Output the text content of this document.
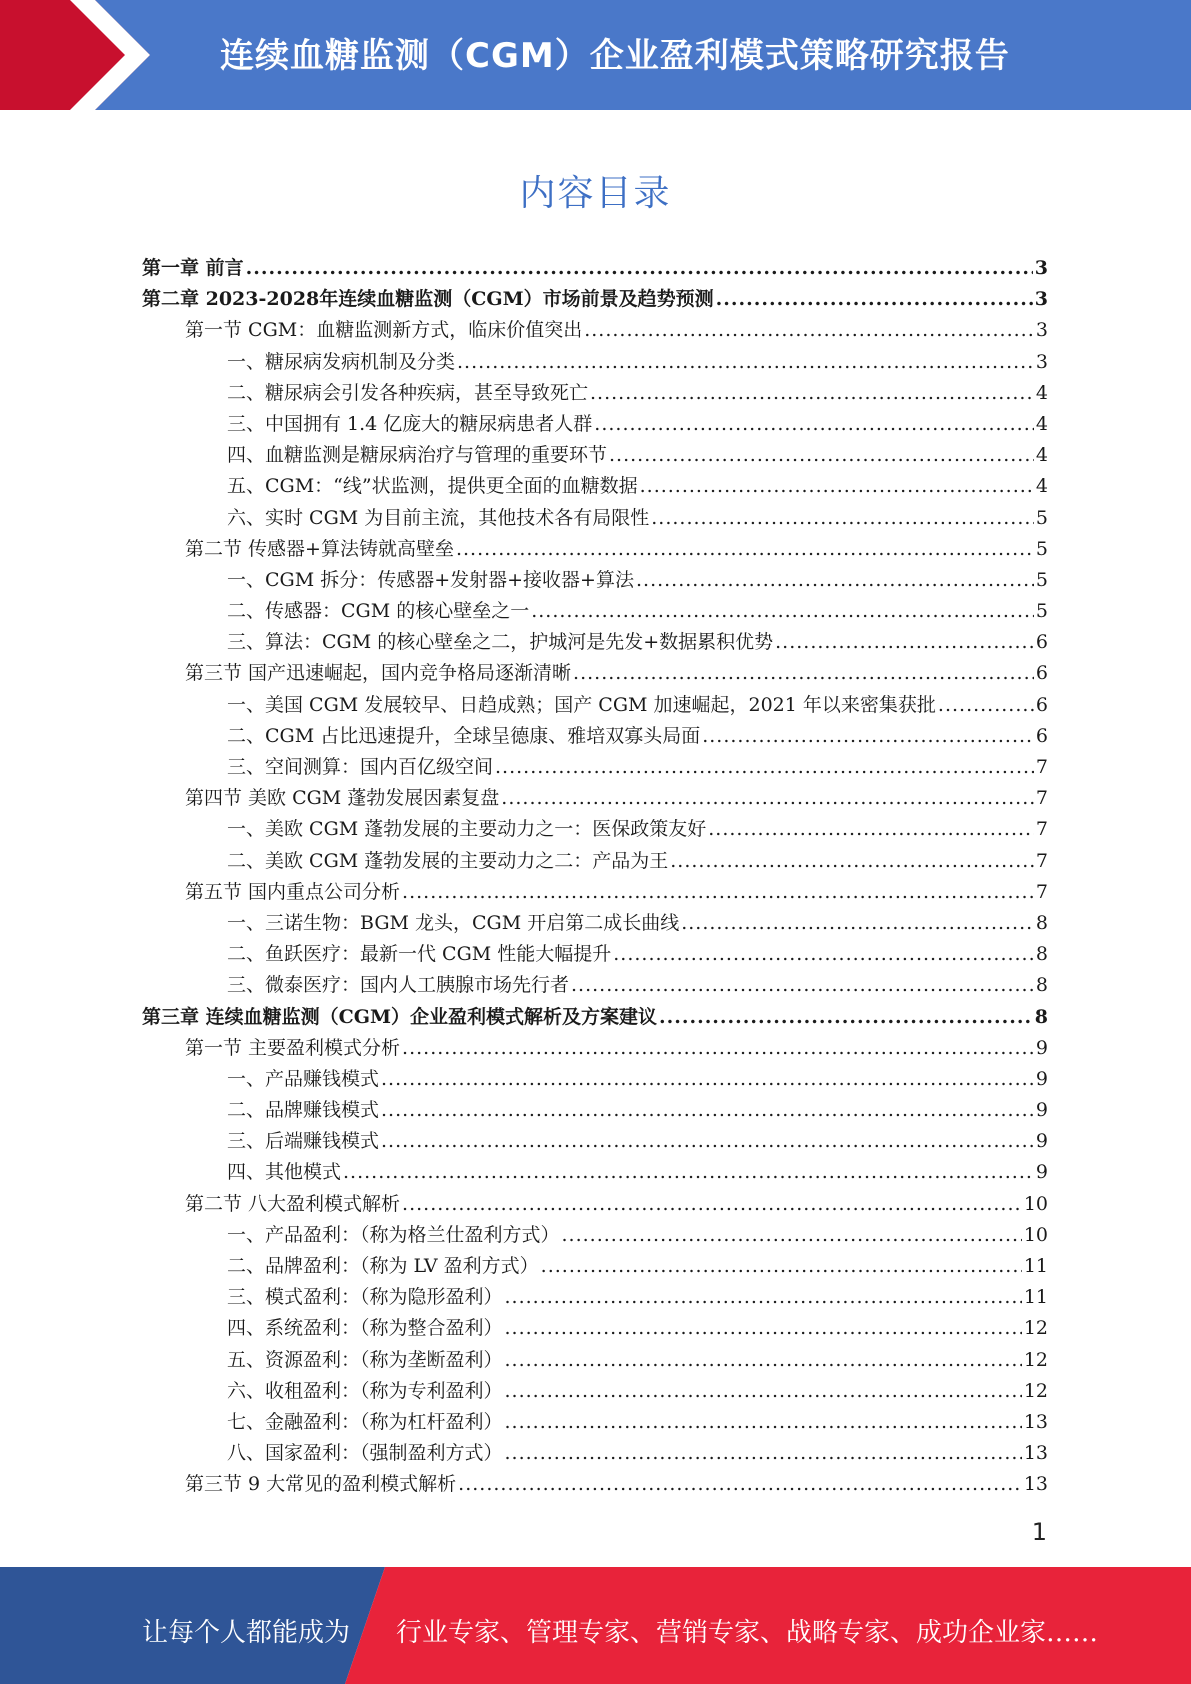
连续血糖监测（CGM）企业盈利模式策略研究报告
内容目录
第一章 前言 .....	3
第二章 2023-2028年连续血糖监测（CGM）市场前景及趋势预测 .....	3
第一节 CGM：血糖监测新方式，临床价值突出 .....	3
一、糖尿病发病机制及分类 .....	3
二、糖尿病会引发各种疾病，甚至导致死亡 .....	4
三、中国拥有 1.4 亿庞大的糖尿病患者人群 .....	4
四、血糖监测是糖尿病治疗与管理的重要环节 .....	4
五、CGM：“线”状监测，提供更全面的血糖数据 .....	4
六、实时 CGM 为目前主流，其他技术各有局限性 .....	5
第二节 传感器+算法铸就高壁垒 .....	5
一、CGM 拆分：传感器+发射器+接收器+算法 .....	5
二、传感器：CGM 的核心壁垒之一 .....	5
三、算法：CGM 的核心壁垒之二，护城河是先发+数据累积优势 .....	6
第三节 国产迅速崛起，国内竞争格局逐渐清晰 .....	6
一、美国 CGM 发展较早、日趋成熟；国产 CGM 加速崛起，2021 年以来密集获批 .....	6
二、CGM 占比迅速提升，全球呈德康、雅培双寡头局面 .....	6
三、空间测算：国内百亿级空间 .....	7
第四节 美欧 CGM 蓬勃发展因素复盘 .....	7
一、美欧 CGM 蓬勃发展的主要动力之一：医保政策友好 .....	7
二、美欧 CGM 蓬勃发展的主要动力之二：产品为王 .....	7
第五节 国内重点公司分析 .....	7
一、三诺生物：BGM 龙头，CGM 开启第二成长曲线 .....	8
二、鱼跃医疗：最新一代 CGM 性能大幅提升 .....	8
三、微泰医疗：国内人工胰腺市场先行者 .....	8
第三章 连续血糖监测（CGM）企业盈利模式解析及方案建议 .....	8
第一节 主要盈利模式分析 .....	9
一、产品赚钱模式 .....	9
二、品牌赚钱模式 .....	9
三、后端赚钱模式 .....	9
四、其他模式 .....	9
第二节 八大盈利模式解析 .....	10
一、产品盈利：（称为格兰仕盈利方式） .....	10
二、品牌盈利：（称为 LV 盈利方式） .....	11
三、模式盈利：（称为隐形盈利） .....	11
四、系统盈利：（称为整合盈利） .....	12
五、资源盈利：（称为垄断盈利） .....	12
六、收租盈利：（称为专利盈利） .....	12
七、金融盈利：（称为杠杆盈利） .....	13
八、国家盈利：（强制盈利方式） .....	13
第三节 9 大常见的盈利模式解析 .....	13
1
让每个人都能成为 行业专家、管理专家、营销专家、战略专家、成功企业家……
